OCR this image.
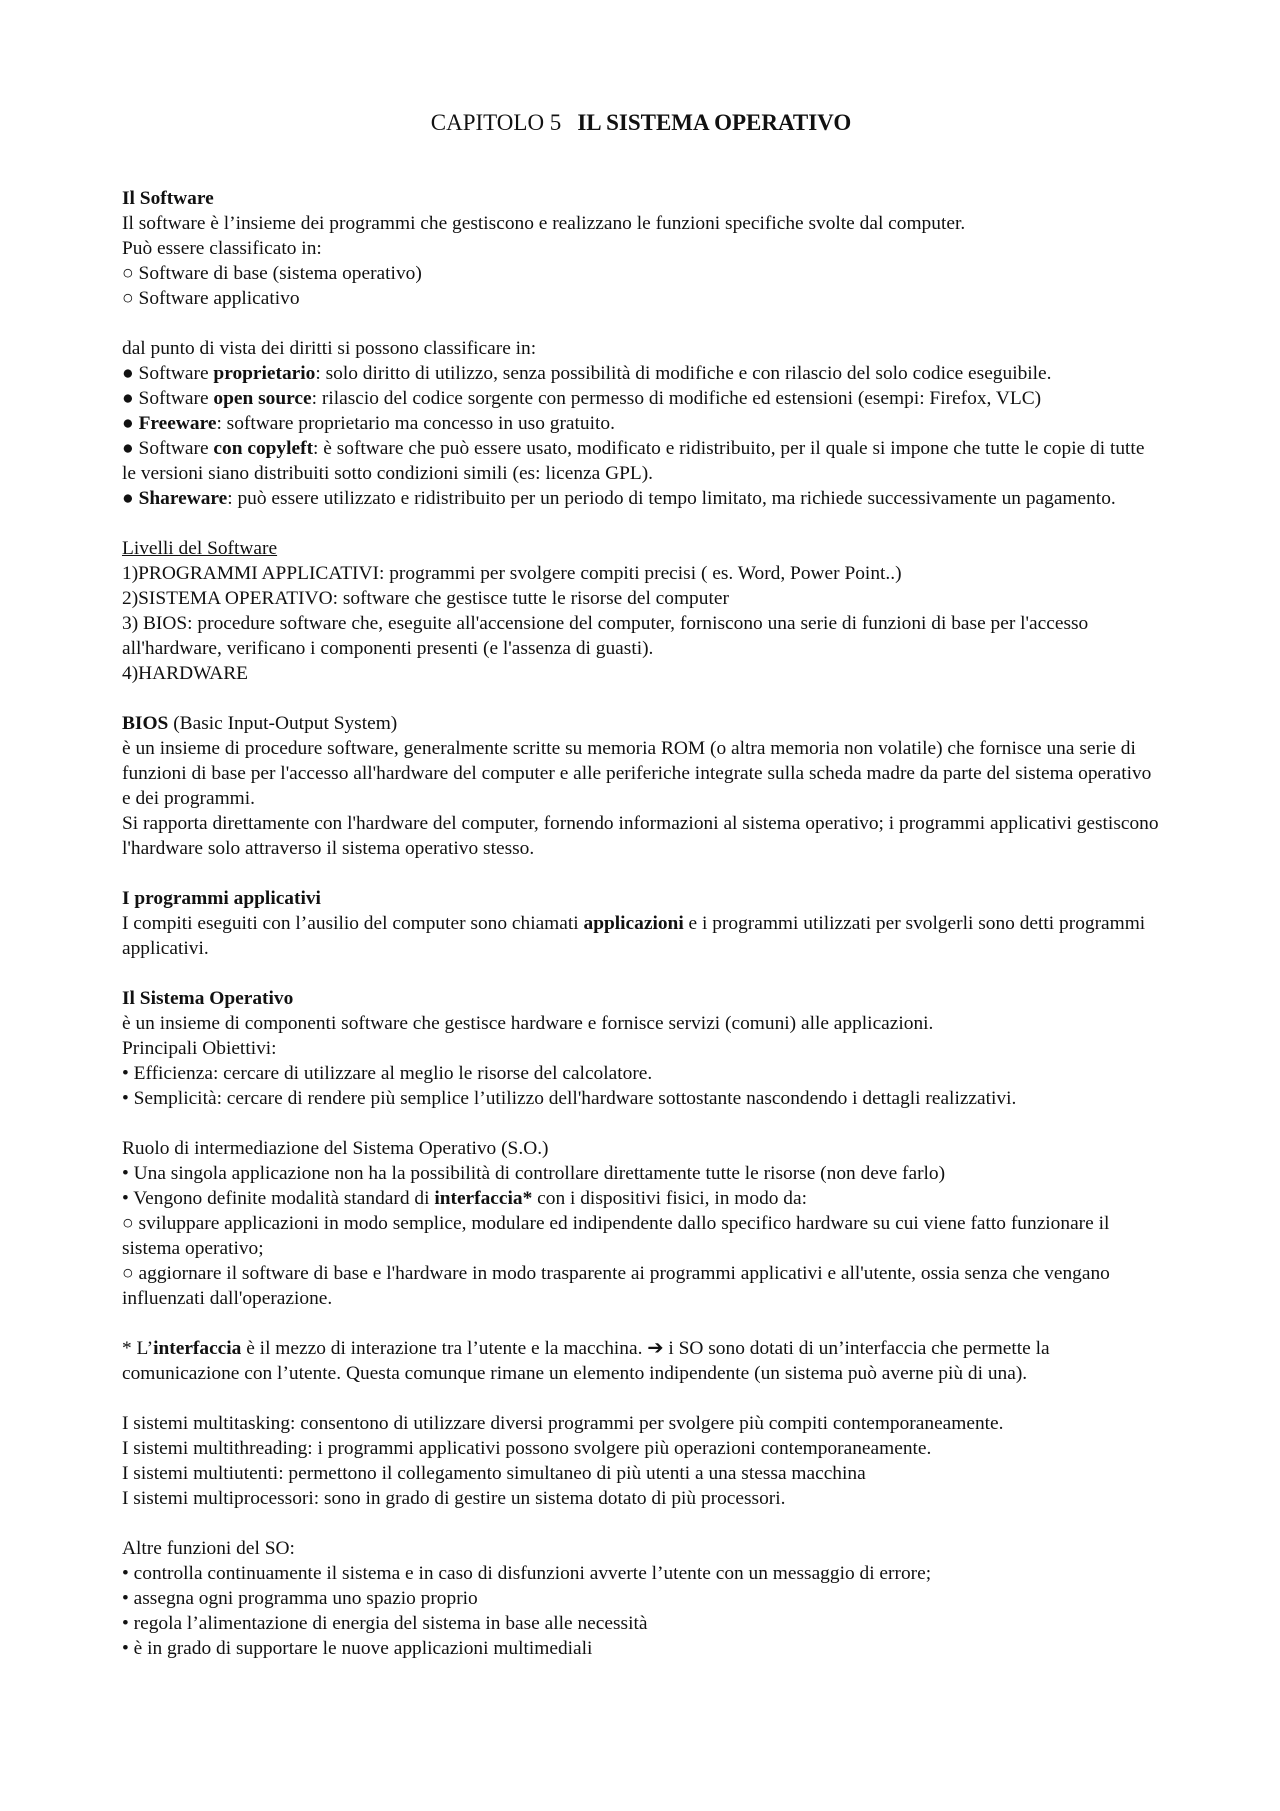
CAPITOLO 5 IL SISTEMA OPERATIVO

Il Software

Il software è l’insieme dei programmi che gestiscono e realizzano le funzioni specifiche svolte dal computer.

Può essere classificato in:

○ Software di base (sistema operativo)

○ Software applicativo

dal punto di vista dei diritti si possono classificare in:

● Software proprietario: solo diritto di utilizzo, senza possibilità di modifiche e con rilascio del solo codice eseguibile.

● Software open source: rilascio del codice sorgente con permesso di modifiche ed estensioni (esempi: Firefox, VLC)

● Freeware: software proprietario ma concesso in uso gratuito.

● Software con copyleft: è software che può essere usato, modificato e ridistribuito, per il quale si impone che tutte le copie di tutte le versioni siano distribuiti sotto condizioni simili (es: licenza GPL).

● Shareware: può essere utilizzato e ridistribuito per un periodo di tempo limitato, ma richiede successivamente un pagamento.

Livelli del Software

1)PROGRAMMI APPLICATIVI: programmi per svolgere compiti precisi ( es. Word, Power Point..)

2)SISTEMA OPERATIVO: software che gestisce tutte le risorse del computer

3) BIOS: procedure software che, eseguite all'accensione del computer, forniscono una serie di funzioni di base per l'accesso all'hardware, verificano i componenti presenti (e l'assenza di guasti).

4)HARDWARE

BIOS (Basic Input-Output System)

è un insieme di procedure software, generalmente scritte su memoria ROM (o altra memoria non volatile) che fornisce una serie di funzioni di base per l'accesso all'hardware del computer e alle periferiche integrate sulla scheda madre da parte del sistema operativo e dei programmi.

Si rapporta direttamente con l'hardware del computer, fornendo informazioni al sistema operativo; i programmi applicativi gestiscono l'hardware solo attraverso il sistema operativo stesso.

I programmi applicativi

I compiti eseguiti con l’ausilio del computer sono chiamati applicazioni e i programmi utilizzati per svolgerli sono detti programmi applicativi.

Il Sistema Operativo

è un insieme di componenti software che gestisce hardware e fornisce servizi (comuni) alle applicazioni.

Principali Obiettivi:

• Efficienza: cercare di utilizzare al meglio le risorse del calcolatore.

• Semplicità: cercare di rendere più semplice l’utilizzo dell'hardware sottostante nascondendo i dettagli realizzativi.

Ruolo di intermediazione del Sistema Operativo (S.O.)

• Una singola applicazione non ha la possibilità di controllare direttamente tutte le risorse (non deve farlo)

• Vengono definite modalità standard di interfaccia* con i dispositivi fisici, in modo da:

○ sviluppare applicazioni in modo semplice, modulare ed indipendente dallo specifico hardware su cui viene fatto funzionare il sistema operativo;

○ aggiornare il software di base e l'hardware in modo trasparente ai programmi applicativi e all'utente, ossia senza che vengano influenzati dall'operazione.

* L’interfaccia è il mezzo di interazione tra l’utente e la macchina. ➔ i SO sono dotati di un’interfaccia che permette la comunicazione con l’utente. Questa comunque rimane un elemento indipendente (un sistema può averne più di una).

I sistemi multitasking: consentono di utilizzare diversi programmi per svolgere più compiti contemporaneamente.

I sistemi multithreading: i programmi applicativi possono svolgere più operazioni contemporaneamente.

I sistemi multiutenti: permettono il collegamento simultaneo di più utenti a una stessa macchina

I sistemi multiprocessori: sono in grado di gestire un sistema dotato di più processori.

Altre funzioni del SO:

• controlla continuamente il sistema e in caso di disfunzioni avverte l’utente con un messaggio di errore;

• assegna ogni programma uno spazio proprio

• regola l’alimentazione di energia del sistema in base alle necessità

• è in grado di supportare le nuove applicazioni multimediali
